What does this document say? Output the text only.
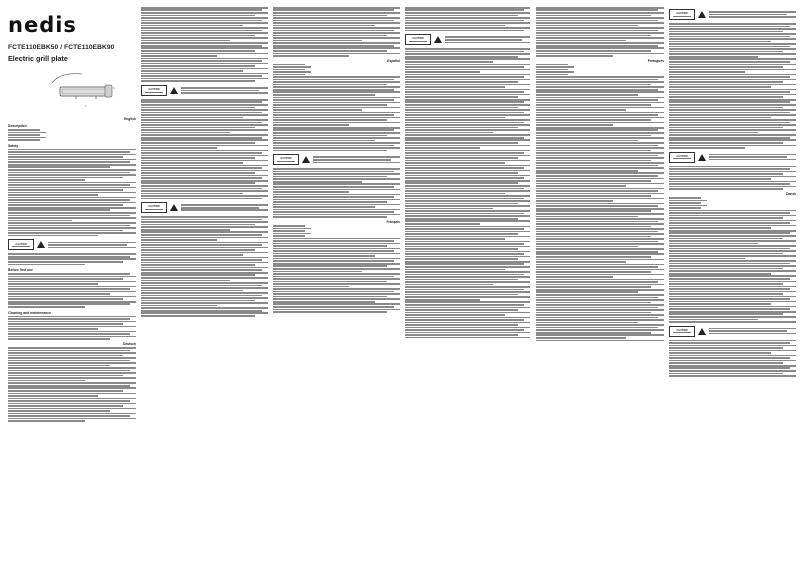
nedis
FCTE110EBK50 / FCTE110EBK90
Electric grill plate
1
3
English
Description
Safety
CAUTION
Before first use
Cleaning and maintenance
Deutsch
CAUTION
CAUTION
Español
CAUTION
Français
CAUTION
Português
CAUTION
CAUTION
Dansk
CAUTION
